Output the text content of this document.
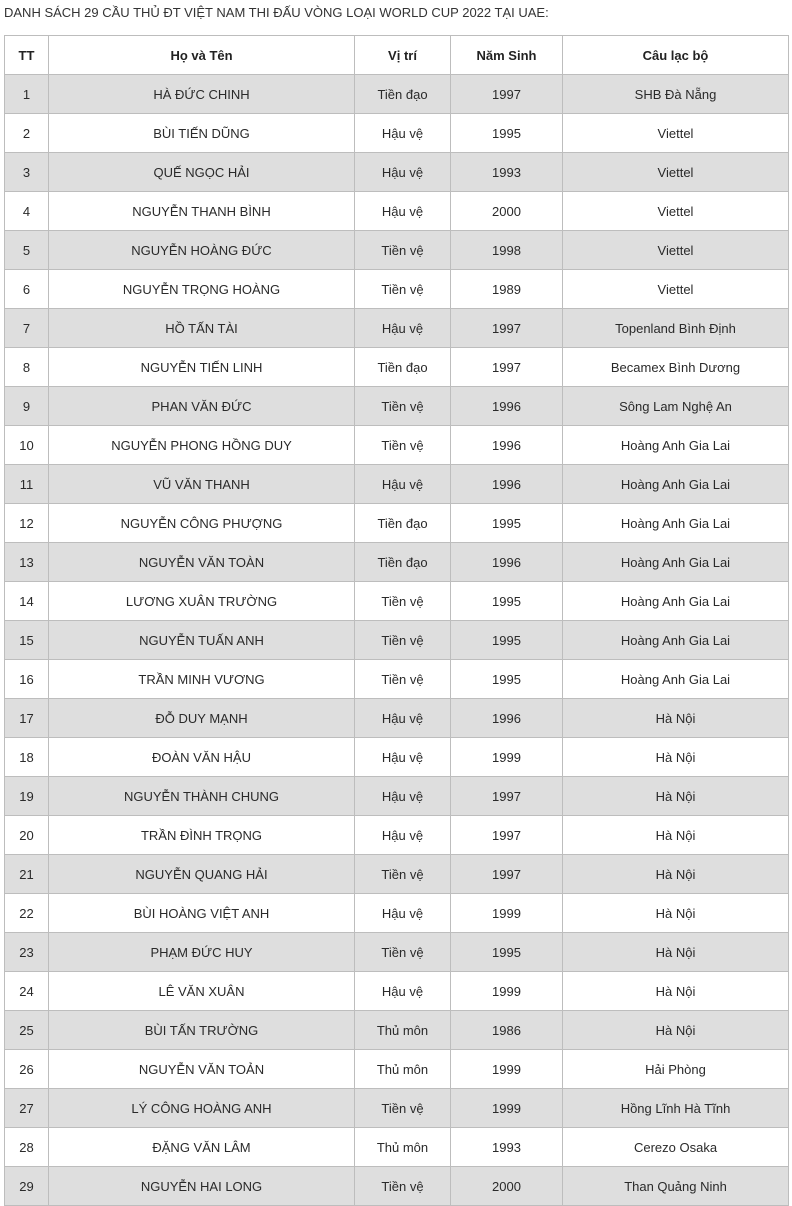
DANH SÁCH 29 CẦU THỦ ĐT VIỆT NAM THI ĐẤU VÒNG LOẠI WORLD CUP 2022 TẠI UAE:
TT	Họ và Tên	Vị trí	Năm Sinh	Câu lạc bộ
1	HÀ ĐỨC CHINH	Tiền đạo	1997	SHB Đà Nẵng
2	BÙI TIẾN DŨNG	Hậu vệ	1995	Viettel
3	QUẾ NGỌC HẢI	Hậu vệ	1993	Viettel
4	NGUYỄN THANH BÌNH	Hậu vệ	2000	Viettel
5	NGUYỄN HOÀNG ĐỨC	Tiền vệ	1998	Viettel
6	NGUYỄN TRỌNG HOÀNG	Tiền vệ	1989	Viettel
7	HỒ TẤN TÀI	Hậu vệ	1997	Topenland Bình Định
8	NGUYỄN TIẾN LINH	Tiền đạo	1997	Becamex Bình Dương
9	PHAN VĂN ĐỨC	Tiền vệ	1996	Sông Lam Nghệ An
10	NGUYỄN PHONG HỒNG DUY	Tiền vệ	1996	Hoàng Anh Gia Lai
11	VŨ VĂN THANH	Hậu vệ	1996	Hoàng Anh Gia Lai
12	NGUYỄN CÔNG PHƯỢNG	Tiền đạo	1995	Hoàng Anh Gia Lai
13	NGUYỄN VĂN TOÀN	Tiền đạo	1996	Hoàng Anh Gia Lai
14	LƯƠNG XUÂN TRƯỜNG	Tiền vệ	1995	Hoàng Anh Gia Lai
15	NGUYỄN TUẤN ANH	Tiền vệ	1995	Hoàng Anh Gia Lai
16	TRẦN MINH VƯƠNG	Tiền vệ	1995	Hoàng Anh Gia Lai
17	ĐỖ DUY MẠNH	Hậu vệ	1996	Hà Nội
18	ĐOÀN VĂN HẬU	Hậu vệ	1999	Hà Nội
19	NGUYỄN THÀNH CHUNG	Hậu vệ	1997	Hà Nội
20	TRẦN ĐÌNH TRỌNG	Hậu vệ	1997	Hà Nội
21	NGUYỄN QUANG HẢI	Tiền vệ	1997	Hà Nội
22	BÙI HOÀNG VIỆT ANH	Hậu vệ	1999	Hà Nội
23	PHẠM ĐỨC HUY	Tiền vệ	1995	Hà Nội
24	LÊ VĂN XUÂN	Hậu vệ	1999	Hà Nội
25	BÙI TẤN TRƯỜNG	Thủ môn	1986	Hà Nội
26	NGUYỄN VĂN TOẢN	Thủ môn	1999	Hải Phòng
27	LÝ CÔNG HOÀNG ANH	Tiền vệ	1999	Hồng Lĩnh Hà Tĩnh
28	ĐẶNG VĂN LÂM	Thủ môn	1993	Cerezo Osaka
29	NGUYỄN HAI LONG	Tiền vệ	2000	Than Quảng Ninh
